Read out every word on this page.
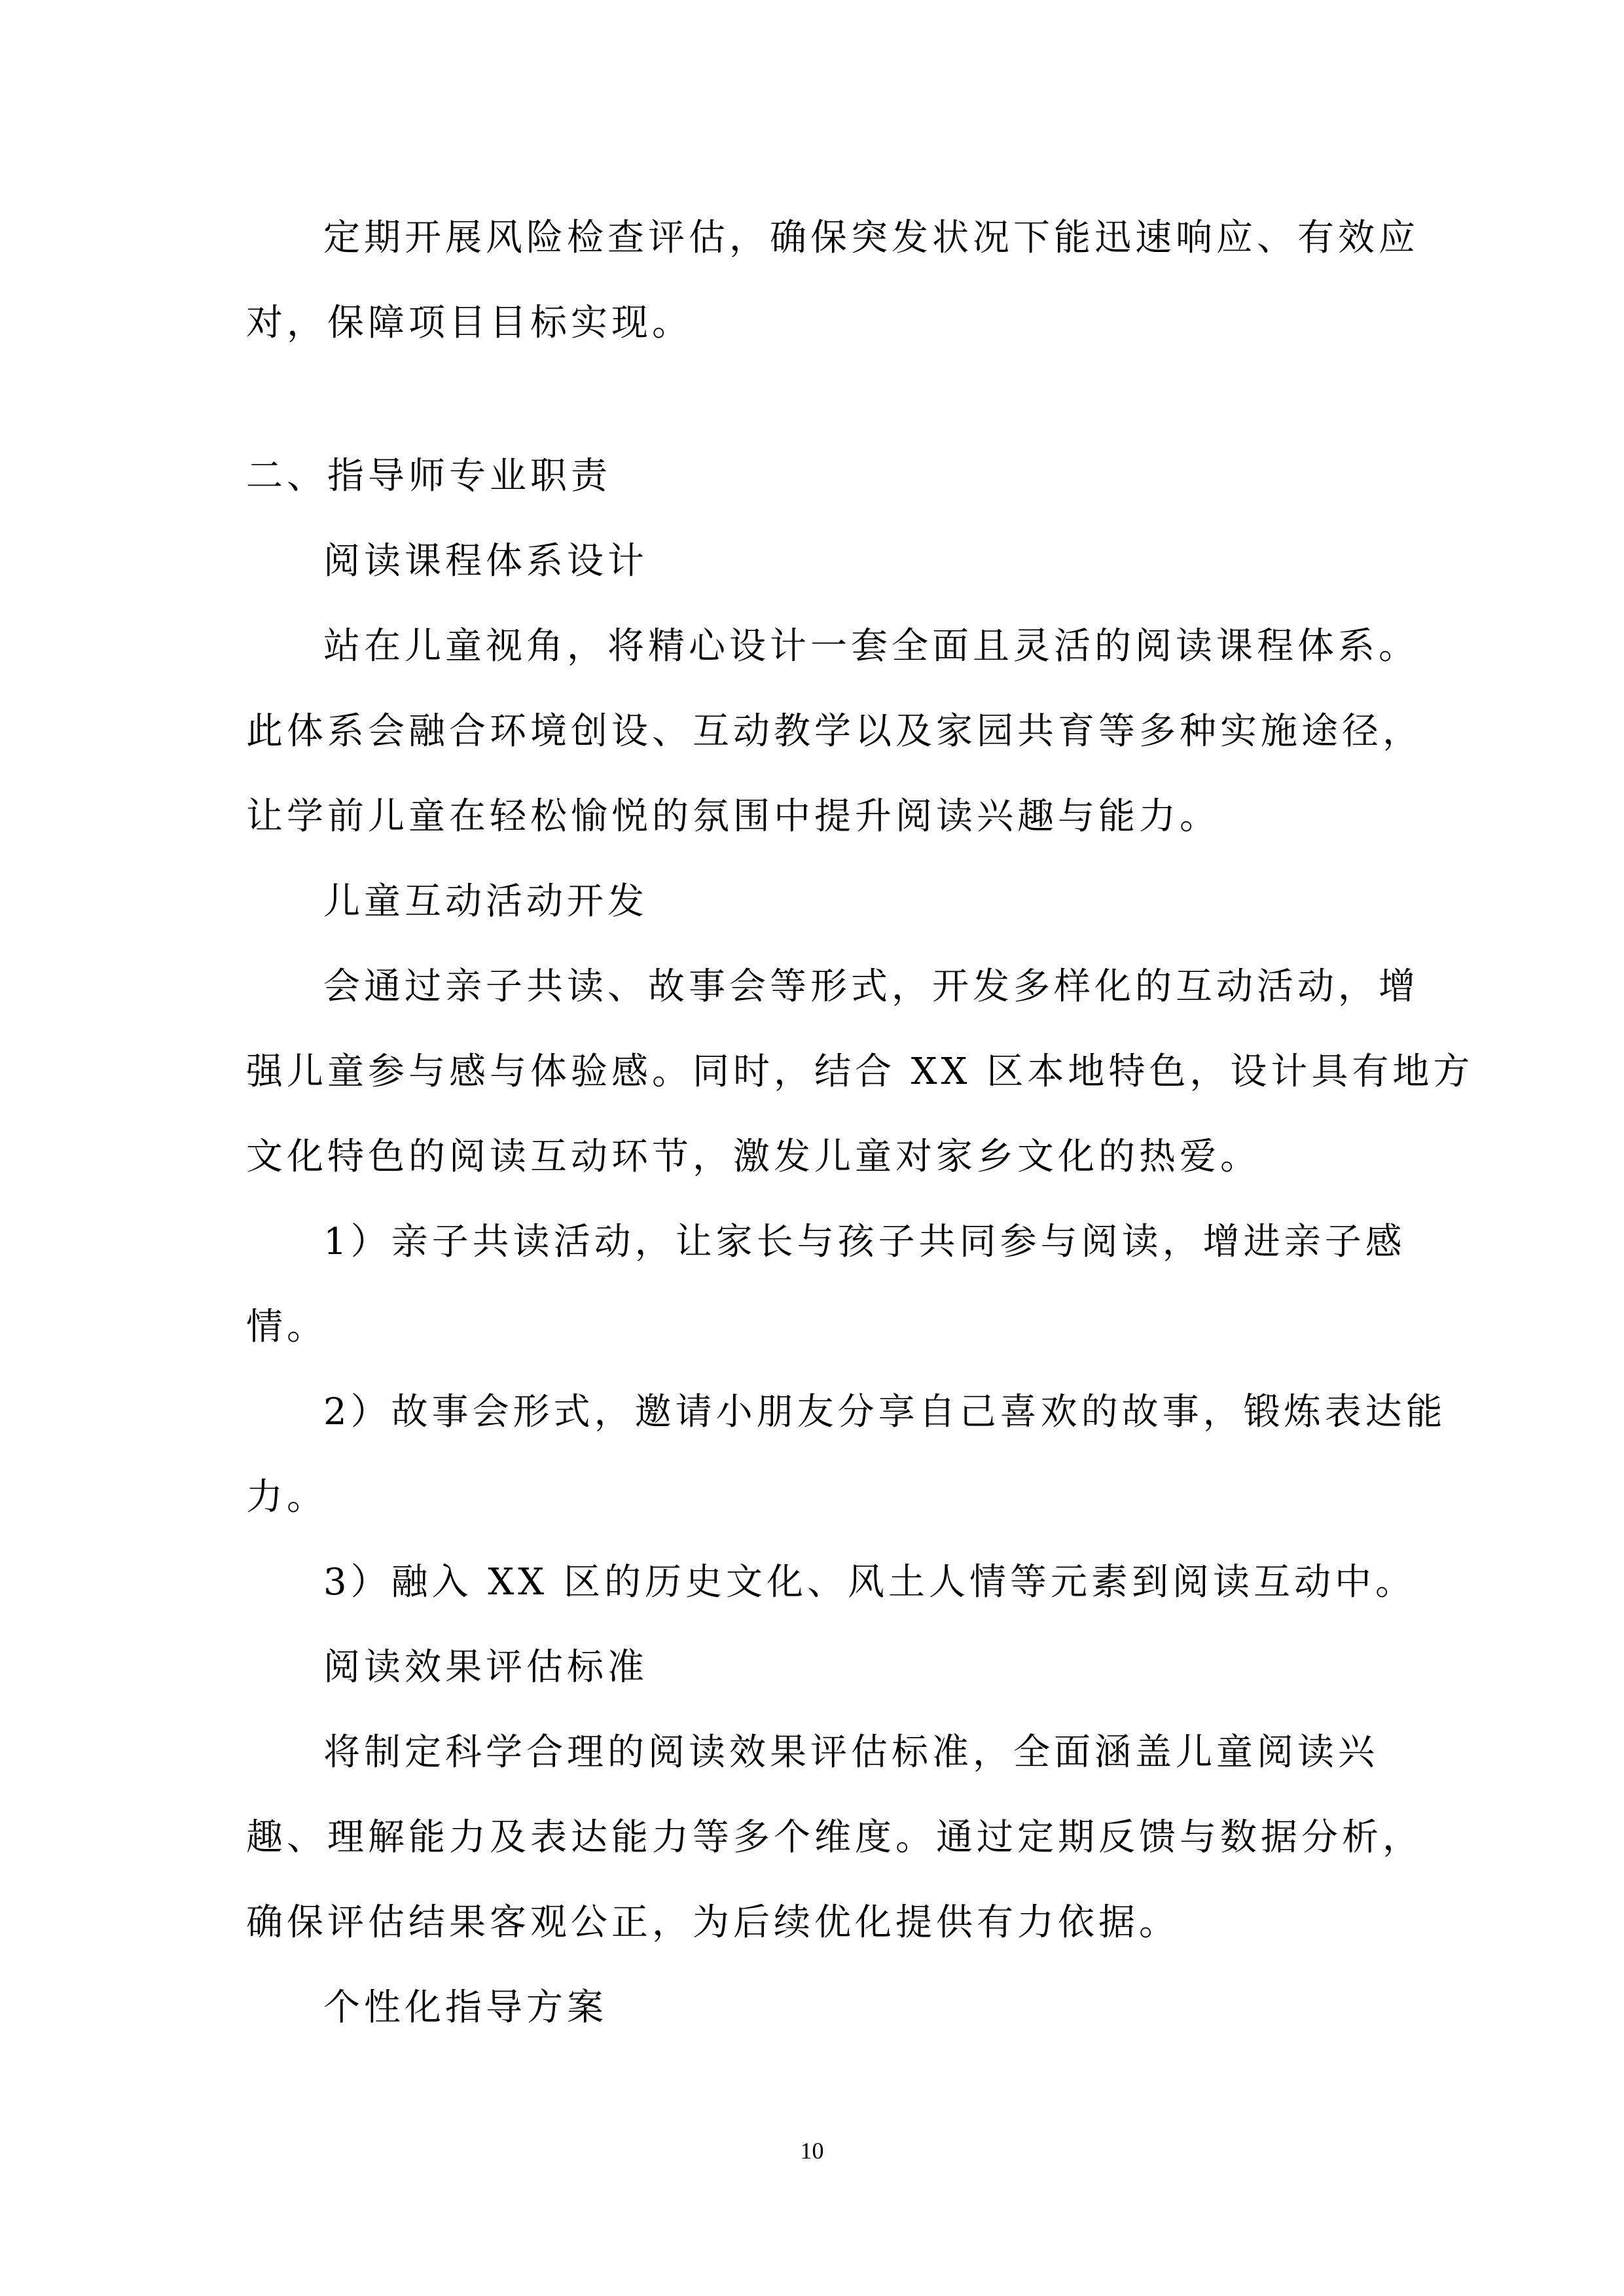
定期开展风险检查评估，确保突发状况下能迅速响应、有效应
对，保障项目目标实现。
二、指导师专业职责
阅读课程体系设计
站在儿童视角，将精心设计一套全面且灵活的阅读课程体系。
此体系会融合环境创设、互动教学以及家园共育等多种实施途径，
让学前儿童在轻松愉悦的氛围中提升阅读兴趣与能力。
儿童互动活动开发
会通过亲子共读、故事会等形式，开发多样化的互动活动，增
强儿童参与感与体验感。同时，结合 XX 区本地特色，设计具有地方
文化特色的阅读互动环节，激发儿童对家乡文化的热爱。
1）亲子共读活动，让家长与孩子共同参与阅读，增进亲子感
情。
2）故事会形式，邀请小朋友分享自己喜欢的故事，锻炼表达能
力。
3）融入 XX 区的历史文化、风土人情等元素到阅读互动中。
阅读效果评估标准
将制定科学合理的阅读效果评估标准，全面涵盖儿童阅读兴
趣、理解能力及表达能力等多个维度。通过定期反馈与数据分析，
确保评估结果客观公正，为后续优化提供有力依据。
个性化指导方案
10
